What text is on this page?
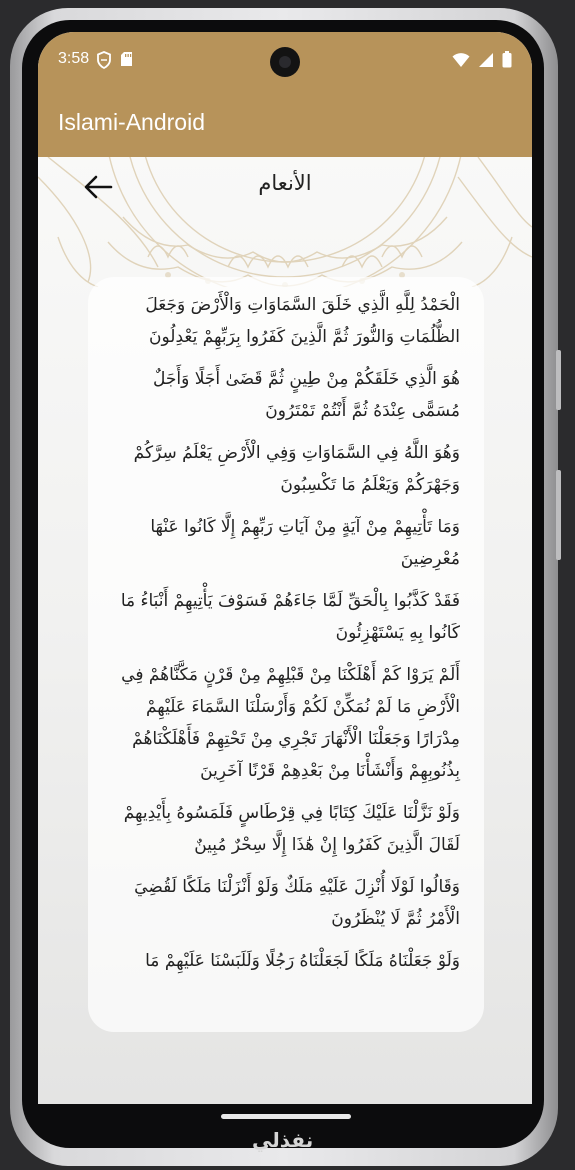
3:58
Islami-Android
الأنعام

الْحَمْدُ لِلَّهِ الَّذِي خَلَقَ السَّمَاوَاتِ وَالْأَرْضَ وَجَعَلَ الظُّلُمَاتِ وَالنُّورَ ثُمَّ الَّذِينَ كَفَرُوا بِرَبِّهِمْ يَعْدِلُونَ

هُوَ الَّذِي خَلَقَكُمْ مِنْ طِينٍ ثُمَّ قَضَىٰ أَجَلًا وَأَجَلٌ مُسَمًّى عِنْدَهُ ثُمَّ أَنْتُمْ تَمْتَرُونَ

وَهُوَ اللَّهُ فِي السَّمَاوَاتِ وَفِي الْأَرْضِ يَعْلَمُ سِرَّكُمْ وَجَهْرَكُمْ وَيَعْلَمُ مَا تَكْسِبُونَ

وَمَا تَأْتِيهِمْ مِنْ آيَةٍ مِنْ آيَاتِ رَبِّهِمْ إِلَّا كَانُوا عَنْهَا مُعْرِضِينَ

فَقَدْ كَذَّبُوا بِالْحَقِّ لَمَّا جَاءَهُمْ فَسَوْفَ يَأْتِيهِمْ أَنْبَاءُ مَا كَانُوا بِهِ يَسْتَهْزِئُونَ

أَلَمْ يَرَوْا كَمْ أَهْلَكْنَا مِنْ قَبْلِهِمْ مِنْ قَرْنٍ مَكَّنَّاهُمْ فِي الْأَرْضِ مَا لَمْ نُمَكِّنْ لَكُمْ وَأَرْسَلْنَا السَّمَاءَ عَلَيْهِمْ مِدْرَارًا وَجَعَلْنَا الْأَنْهَارَ تَجْرِي مِنْ تَحْتِهِمْ فَأَهْلَكْنَاهُمْ بِذُنُوبِهِمْ وَأَنْشَأْنَا مِنْ بَعْدِهِمْ قَرْنًا آخَرِينَ

وَلَوْ نَزَّلْنَا عَلَيْكَ كِتَابًا فِي قِرْطَاسٍ فَلَمَسُوهُ بِأَيْدِيهِمْ لَقَالَ الَّذِينَ كَفَرُوا إِنْ هَٰذَا إِلَّا سِحْرٌ مُبِينٌ

وَقَالُوا لَوْلَا أُنْزِلَ عَلَيْهِ مَلَكٌ وَلَوْ أَنْزَلْنَا مَلَكًا لَقُضِيَ الْأَمْرُ ثُمَّ لَا يُنْظَرُونَ

وَلَوْ جَعَلْنَاهُ مَلَكًا لَجَعَلْنَاهُ رَجُلًا وَلَلَبَسْنَا عَلَيْهِمْ مَا

نفذلي
